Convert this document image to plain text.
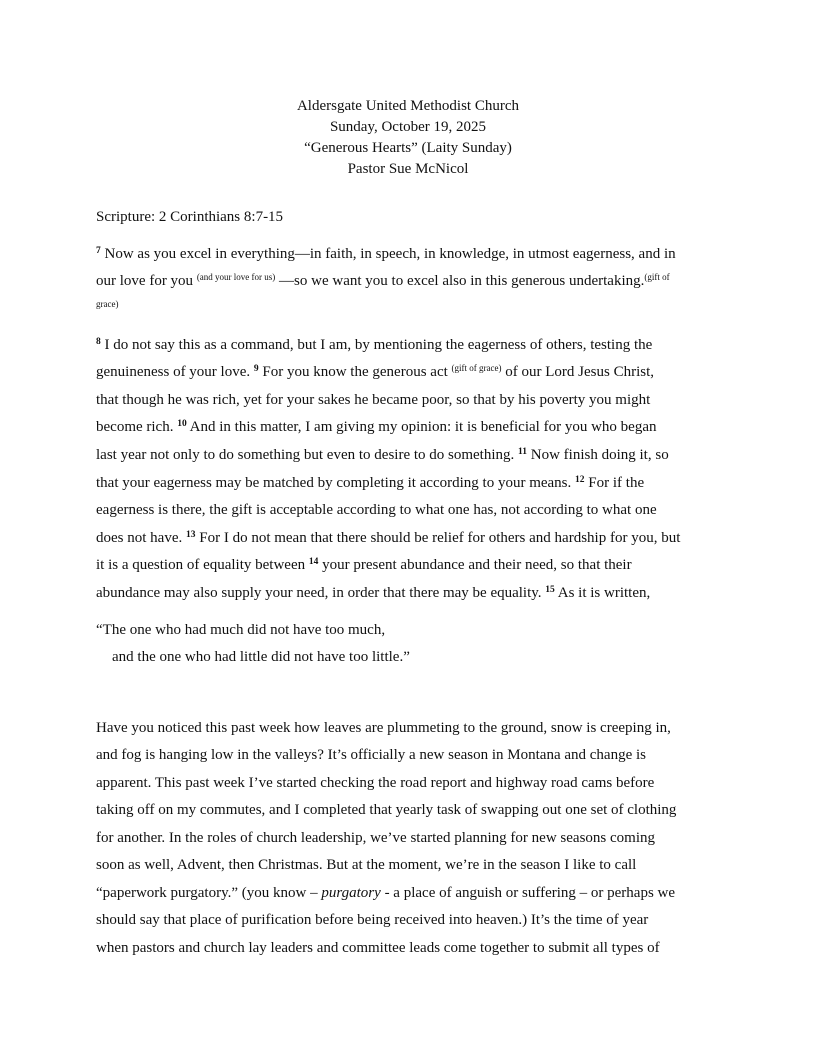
Aldersgate United Methodist Church
Sunday, October 19, 2025
“Generous Hearts” (Laity Sunday)
Pastor Sue McNicol
Scripture: 2 Corinthians 8:7-15
$^7$ Now as you excel in everything—in faith, in speech, in knowledge, in utmost eagerness, and in
our love for you $^{(and your love for us)}$ —so we want you to excel also in this generous undertaking.$^{(gift of}$
grace)
$^8$ I do not say this as a command, but I am, by mentioning the eagerness of others, testing the
genuineness of your love. $^9$ For you know the generous act $^{(gift of grace)}$ of our Lord Jesus Christ,
that though he was rich, yet for your sakes he became poor, so that by his poverty you might
become rich. $^{10}$ And in this matter, I am giving my opinion: it is beneficial for you who began
last year not only to do something but even to desire to do something. $^{11}$ Now finish doing it, so
that your eagerness may be matched by completing it according to your means. $^{12}$ For if the
eagerness is there, the gift is acceptable according to what one has, not according to what one
does not have. $^{13}$ For I do not mean that there should be relief for others and hardship for you, but
it is a question of equality between $^{14}$ your present abundance and their need, so that their
abundance may also supply your need, in order that there may be equality. $^{15}$ As it is written,
“The one who had much did not have too much,
and the one who had little did not have too little.”
Have you noticed this past week how leaves are plummeting to the ground, snow is creeping in,
and fog is hanging low in the valleys? It’s officially a new season in Montana and change is
apparent. This past week I’ve started checking the road report and highway road cams before
taking off on my commutes, and I completed that yearly task of swapping out one set of clothing
for another. In the roles of church leadership, we’ve started planning for new seasons coming
soon as well, Advent, then Christmas. But at the moment, we’re in the season I like to call
“paperwork purgatory.” (you know – purgatory - a place of anguish or suffering – or perhaps we
should say that place of purification before being received into heaven.) It’s the time of year
when pastors and church lay leaders and committee leads come together to submit all types of
